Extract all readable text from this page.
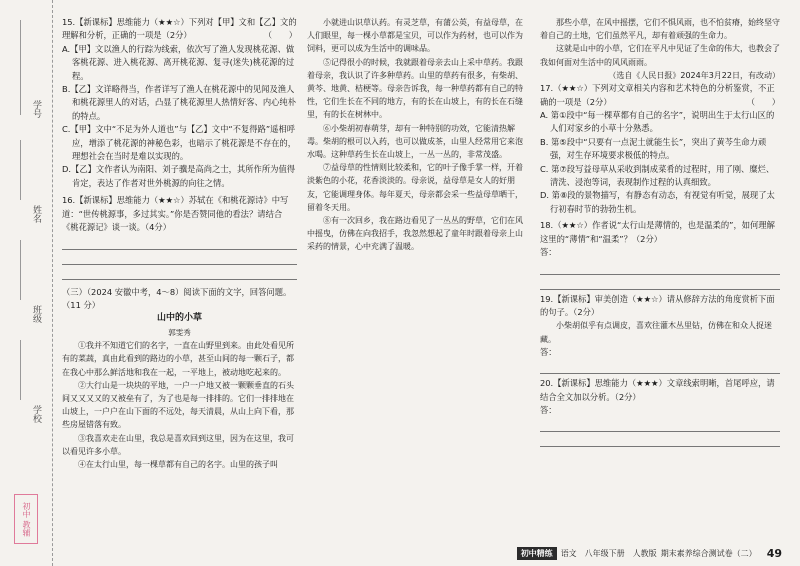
学号
姓名
班级
学校
初中 教辅

15.【新课标】思维能力（★★☆）下列对【甲】文和【乙】文的理解和分析，正确的一项是（2分）	（　　）

A.【甲】文以渔人的行踪为线索，依次写了渔人发现桃花源、做客桃花源、进入桃花源、离开桃花源、复寻(迷失)桃花源的过程。

B.【乙】文详略得当，作者详写了渔人在桃花源中的见闻及渔人和桃花源里人的对话，凸显了桃花源里人热情好客、内心纯朴的特点。

C.【甲】文中“不足为外人道也”与【乙】文中“不复得路”遥相呼应，增添了桃花源的神秘色彩，也暗示了桃花源是不存在的，理想社会在当时是难以实现的。

D.【乙】文作者认为南阳、刘子骥是高尚之士，其所作所为值得肯定，表达了作者对世外桃源的向往之情。

16.【新课标】思维能力（★★☆）苏轼在《和桃花源诗》中写道：“世传桃源事，多过其实。”你是否赞同他的看法？请结合《桃花源记》谈一谈。（4分）

（三）（2024 安徽中考，4～8）阅读下面的文字，回答问题。（11 分）

山中的小草

郭雯秀

①我并不知道它们的名字，一直在山野里到来。由此处看见所有的菜蔬，真由此看到的路边的小草，甚至山间的每一颗石子，都在我心中那么鲜活地和我在一起，一平地上，被动地吃起来的。

②大行山是一块块的平地，一户一户地又被一颗颗垂直的石头间又又又又的又被垒有了，为了也是每一排排的。它们一排排地在山坡上，一户户在山下面的不远处，每天清晨，从山上向下看，那些房屋错落有致。

③我喜欢走在山里，我总是喜欢回到这里，因为在这里，我可以看见许多小草。

④在太行山里，每一棵草都有自己的名字。山里的孩子叫

小就进山识草认药。有灵芝草，有蒲公英，有益母草，在人们眼里，每一棵小草都是宝贝，可以作为药材，也可以作为饲料，更可以成为生活中的调味品。

⑤记得很小的时候，我就跟着母亲去山上采中草药。我跟着母亲，我认识了许多种草药。山里的草药有很多，有柴胡、黄芩、地黄、桔梗等。母亲告诉我，每一种草药都有自己的特性，它们生长在不同的地方，有的长在山坡上，有的长在石缝里，有的长在树林中。

⑥小柴胡初春萌芽，却有一种特别的功效，它能清热解毒。柴胡的根可以入药，也可以做成茶，山里人经常用它来泡水喝。这种草药生长在山坡上，一丛一丛的，非常茂盛。

⑦益母草的性情则比较柔和，它的叶子像手掌一样，开着淡紫色的小花，花香淡淡的。母亲说，益母草是女人的好朋友，它能调理身体。每年夏天，母亲都会采一些益母草晒干，留着冬天用。

⑧有一次回乡，我在路边看见了一丛丛的野草，它们在风中摇曳，仿佛在向我招手，我忽然想起了童年时跟着母亲上山采药的情景，心中充满了温暖。

那些小草，在风中摇摆，它们不惧风雨，也不怕贫瘠，始终坚守着自己的土地，它们虽然平凡，却有着顽强的生命力。

这就是山中的小草，它们在平凡中见证了生命的伟大，也教会了我如何面对生活中的风风雨雨。

（选自《人民日报》2024年3月22日，有改动）

17.（★★☆）下列对文章相关内容和艺术特色的分析鉴赏，不正确的一项是（2分）	（　　）

A. 第①段中“每一棵草都有自己的名字”，说明出生于太行山区的人们对家乡的小草十分熟悉。

B. 第⑤段中“只要有一点泥土就能生长”，突出了黄芩生命力顽强，对生存环境要求极低的特点。

C. 第⑦段写益母草从采收到制成菜肴的过程时，用了刚、糜烂、清洗、浸泡等词，表现制作过程的认真细致。

D. 第⑧段的景物描写，有静态有动态，有视觉有听觉，展现了太行初春时节的勃勃生机。

18.（★★☆）作者说“太行山是薄情的，也是温柔的”，如何理解这里的“薄情”和“温柔”？（2分）

答：

19.【新课标】审美创造（★★☆）请从修辞方法的角度赏析下面的句子。（2分）

小柴胡似乎有点调皮，喜欢往灌木丛里钻，仿佛在和众人捉迷藏。

答：

20.【新课标】思维能力（★★★）文章线索明晰，首尾呼应，请结合全文加以分析。（2分）

答：

初中精练	语文　八年级下册　人教版 期末素养综合测试卷（二） 49
